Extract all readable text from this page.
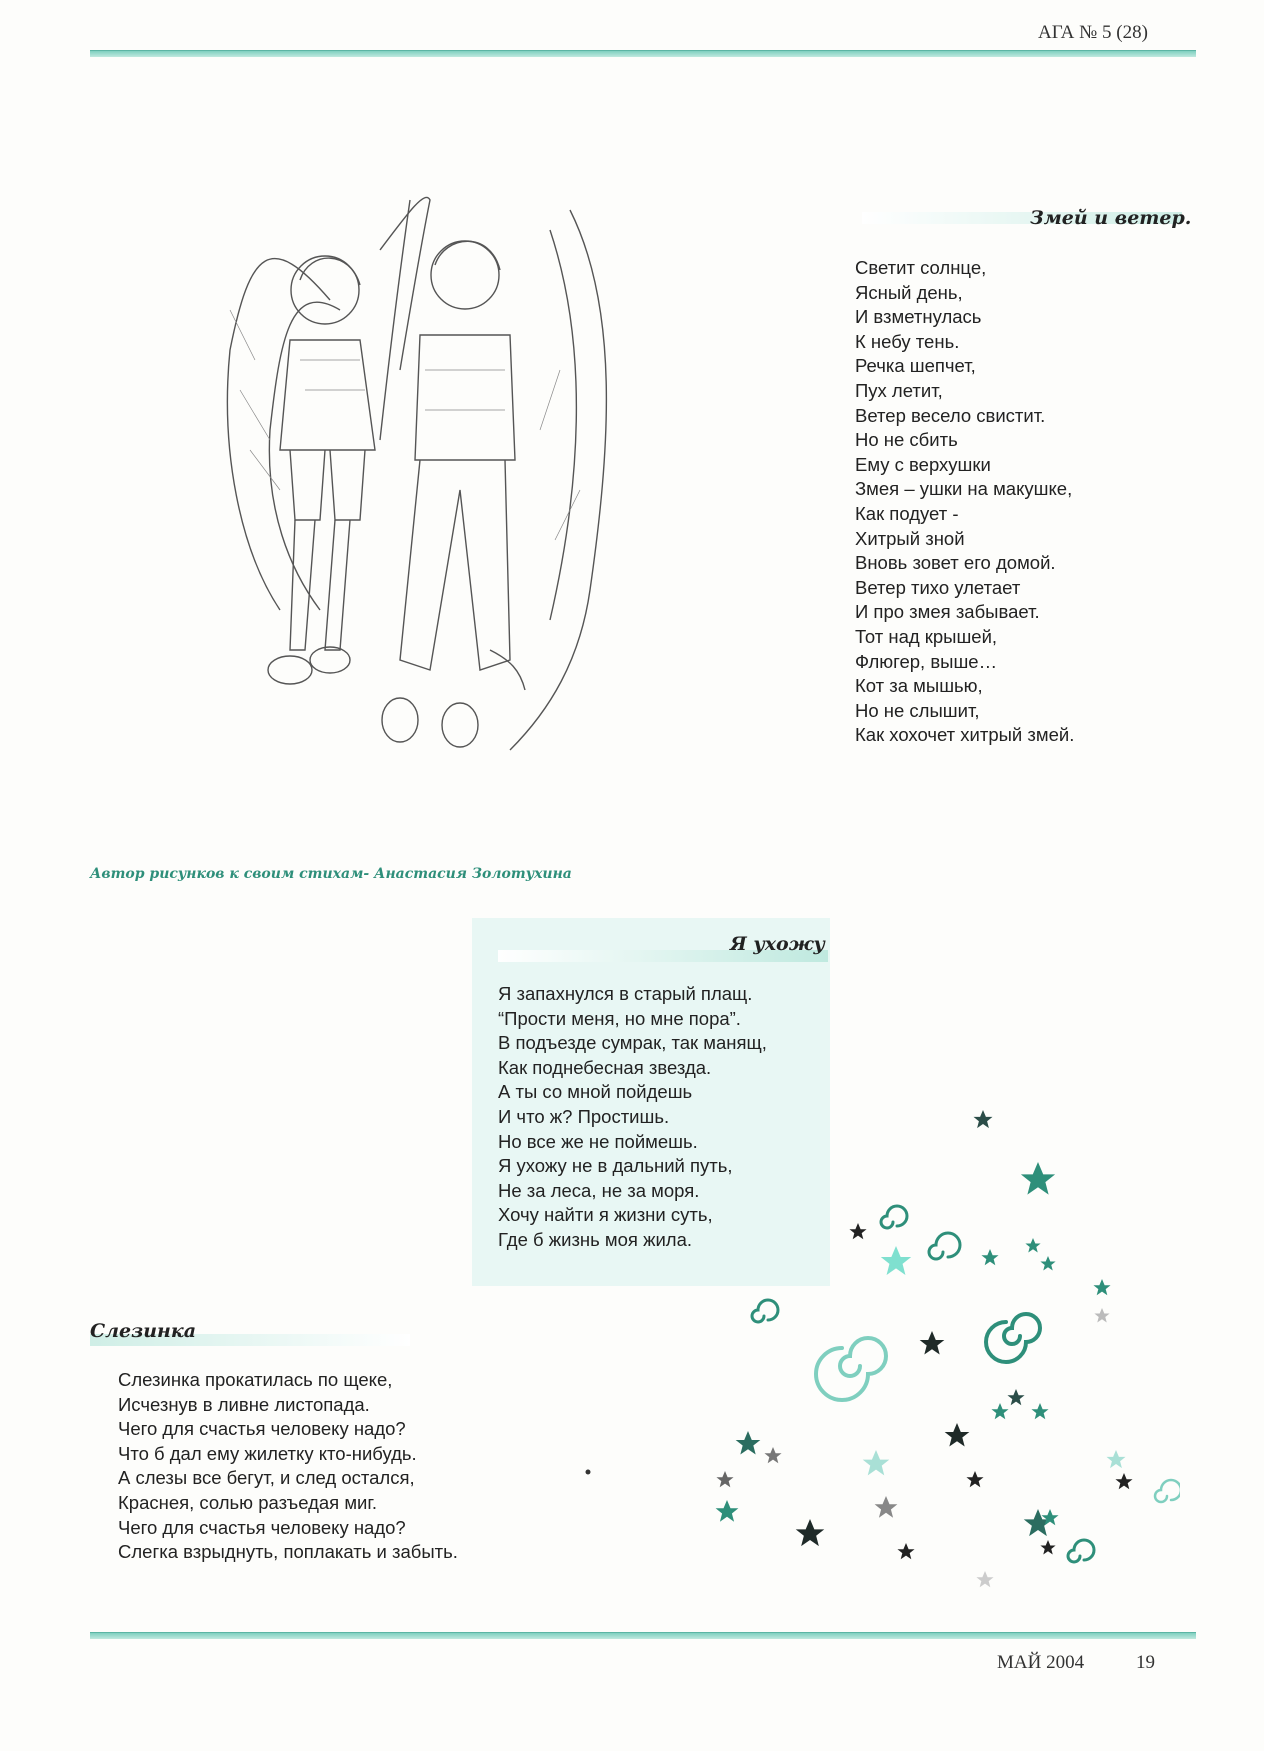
АГА № 5 (28)
Автор рисунков к своим стихам- Анастасия Золотухина
Змей и ветер.
Светит солнце,
Ясный день,
И взметнулась
К небу тень.
Речка шепчет,
Пух летит,
Ветер весело свистит.
Но не сбить
Ему с верхушки
Змея – ушки на макушке,
Как подует -
Хитрый зной
Вновь зовет его домой.
Ветер тихо улетает
И про змея забывает.
Тот над крышей,
Флюгер, выше…
Кот за мышью,
Но не слышит,
Как хохочет хитрый змей.
Я ухожу
Я запахнулся в старый плащ.
“Прости меня, но мне пора”.
В подъезде сумрак, так манящ,
Как поднебесная звезда.
А ты со мной пойдешь
И что ж? Простишь.
Но все же не поймешь.
Я ухожу не в дальний путь,
Не за леса, не за моря.
Хочу найти я жизни суть,
Где б жизнь моя жила.
Слезинка
Слезинка прокатилась по щеке,
Исчезнув в ливне листопада.
Чего для счастья человеку надо?
Что б дал ему жилетку кто-нибудь.
А слезы все бегут, и след остался,
Краснея, солью разъедая миг.
Чего для счастья человеку надо?
Слегка взрыднуть, поплакать и забыть.
МАЙ 2004	19
